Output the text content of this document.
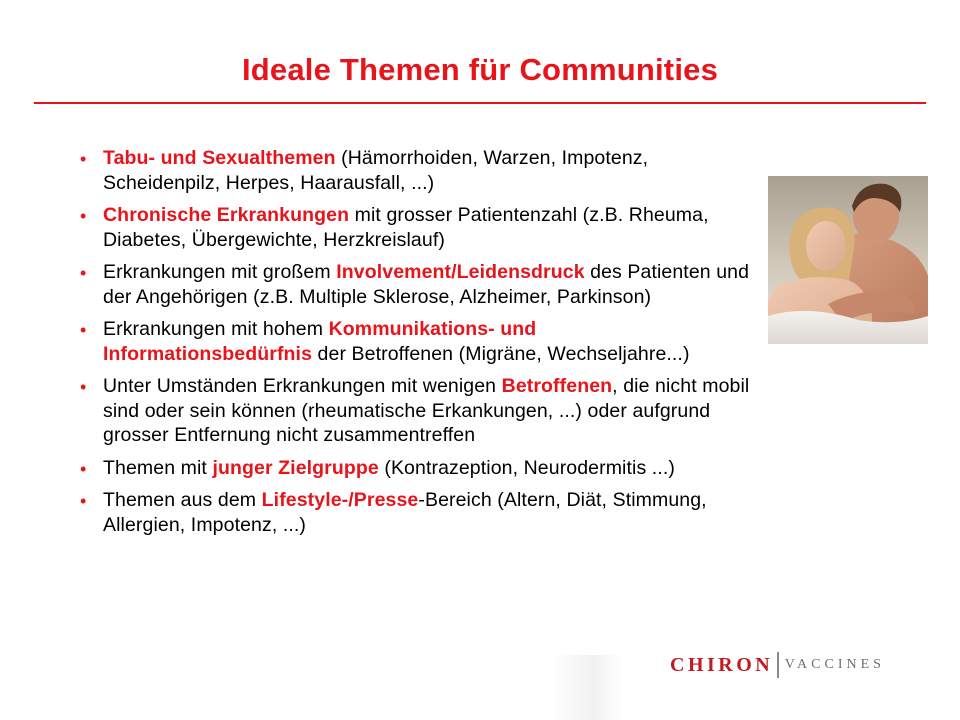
Ideale Themen für Communities
• Tabu- und Sexualthemen (Hämorrhoiden, Warzen, Impotenz, Scheidenpilz, Herpes, Haarausfall, ...)
• Chronische Erkrankungen mit grosser Patientenzahl (z.B. Rheuma, Diabetes, Übergewichte, Herzkreislauf)
• Erkrankungen mit großem Involvement/Leidensdruck des Patienten und der Angehörigen (z.B. Multiple Sklerose, Alzheimer, Parkinson)
• Erkrankungen mit hohem Kommunikations- und Informationsbedürfnis der Betroffenen (Migräne, Wechseljahre...)
• Unter Umständen Erkrankungen mit wenigen Betroffenen, die nicht mobil sind oder sein können (rheumatische Erkankungen, ...) oder aufgrund grosser Entfernung nicht zusammentreffen
• Themen mit junger Zielgruppe (Kontrazeption, Neurodermitis ...)
• Themen aus dem Lifestyle-/Presse-Bereich (Altern, Diät, Stimmung, Allergien, Impotenz, ...)
CHIRON VACCINES
